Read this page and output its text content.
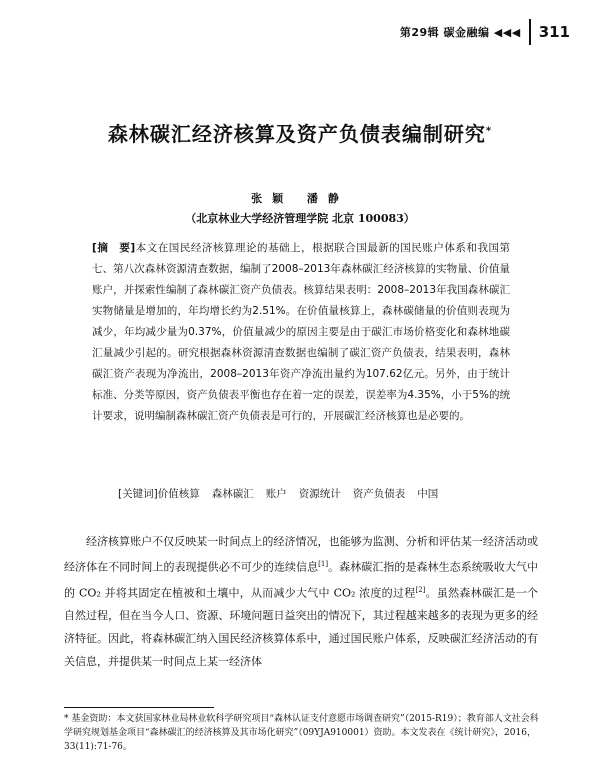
第29辑 碳金融编 ◀◀◀ 311
森林碳汇经济核算及资产负债表编制研究*
张颖 潘静
（北京林业大学经济管理学院 北京 100083）
[摘　要]本文在国民经济核算理论的基础上，根据联合国最新的国民账户体系和我国第七、第八次森林资源清查数据，编制了2008–2013年森林碳汇经济核算的实物量、价值量账户，并探索性编制了森林碳汇资产负债表。核算结果表明：2008–2013年我国森林碳汇实物储量是增加的，年均增长约为2.51%。在价值量核算上，森林碳储量的价值则表现为减少，年均减少量为0.37%，价值量减少的原因主要是由于碳汇市场价格变化和森林地碳汇量减少引起的。研究根据森林资源清查数据也编制了碳汇资产负债表，结果表明，森林碳汇资产表现为净流出，2008–2013年资产净流出量约为107.62亿元。另外，由于统计标准、分类等原因，资产负债表平衡也存在着一定的误差，误差率为4.35%，小于5%的统计要求，说明编制森林碳汇资产负债表是可行的，开展碳汇经济核算也是必要的。
[关键词]价值核算 森林碳汇 账户 资源统计 资产负债表 中国
经济核算账户不仅反映某一时间点上的经济情况，也能够为监测、分析和评估某一经济活动或经济体在不同时间上的表现提供必不可少的连续信息[1]。森林碳汇指的是森林生态系统吸收大气中的 CO₂ 并将其固定在植被和土壤中，从而减少大气中 CO₂ 浓度的过程[2]。虽然森林碳汇是一个自然过程，但在当今人口、资源、环境问题日益突出的情况下，其过程越来越多的表现为更多的经济特征。因此，将森林碳汇纳入国民经济核算体系中，通过国民账户体系，反映碳汇经济活动的有关信息，并提供某一时间点上某一经济体
* 基金资助：本文获国家林业局林业软科学研究项目“森林认证支付意愿市场调查研究”（2015-R19）；教育部人文社会科学研究规划基金项目“森林碳汇的经济核算及其市场化研究”（09YJA910001）资助。本文发表在《统计研究》，2016，33(11):71-76。
